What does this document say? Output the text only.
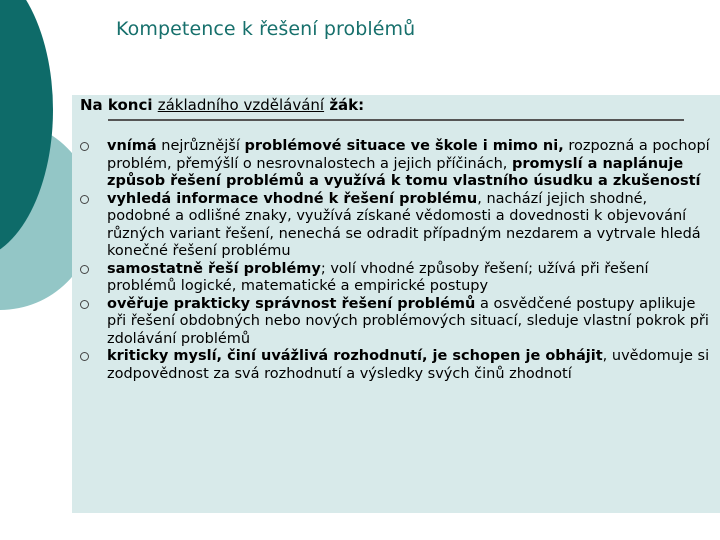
Kompetence k řešení problémů
Na konci základního vzdělávání žák:
vnímá nejrůznější problémové situace ve škole i mimo ni, rozpozná a pochopí problém, přemýšlí o nesrovnalostech a jejich příčinách, promyslí a naplánuje způsob řešení problémů a využívá k tomu vlastního úsudku a zkušeností
vyhledá informace vhodné k řešení problému, nachází jejich shodné, podobné a odlišné znaky, využívá získané vědomosti a dovednosti k objevování různých variant řešení, nenechá se odradit případným nezdarem a vytrvale hledá konečné řešení problému
samostatně řeší problémy; volí vhodné způsoby řešení; užívá při řešení problémů logické, matematické a empirické postupy
ověřuje prakticky správnost řešení problémů a osvědčené postupy aplikuje při řešení obdobných nebo nových problémových situací, sleduje vlastní pokrok při zdolávání problémů
kriticky myslí, činí uvážlivá rozhodnutí, je schopen je obhájit, uvědomuje si zodpovědnost za svá rozhodnutí a výsledky svých činů zhodnotí
